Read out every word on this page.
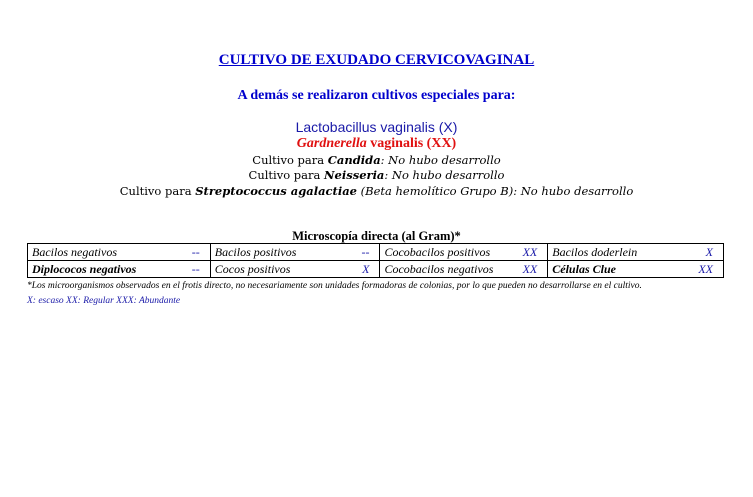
CULTIVO DE EXUDADO CERVICOVAGINAL
A demás se realizaron cultivos especiales para:
Lactobacillus vaginalis (X)
Gardnerella vaginalis (XX)
Cultivo para Candida: No hubo desarrollo
Cultivo para Neisseria: No hubo desarrollo
Cultivo para Streptococcus agalactiae (Beta hemolítico Grupo B): No hubo desarrollo
Microscopía directa (al Gram)*
Bacilos negativos --	Bacilos positivos --	Cocobacilos positivos XX	Bacilos doderlein X

Diplococos negativos --	Cocos positivos X	Cocobacilos negativos XX	Células Clue XX
*Los microorganismos observados en el frotis directo, no necesariamente son unidades formadoras de colonias, por lo que pueden no desarrollarse en el cultivo.
X: escaso XX: Regular XXX: Abundante
